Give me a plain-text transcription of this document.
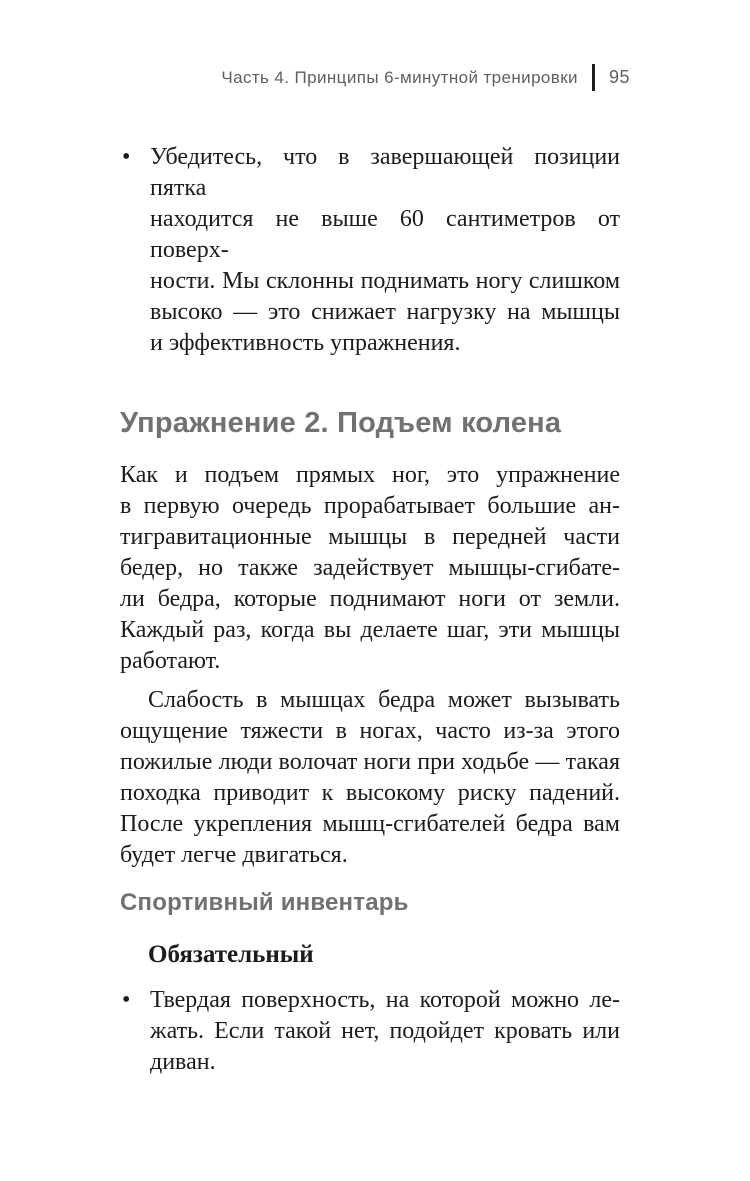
Часть 4. Принципы 6-минутной тренировки 95
• Убедитесь, что в завершающей позиции пятка
находится не выше 60 сантиметров от поверх-
ности. Мы склонны поднимать ногу слишком
высоко — это снижает нагрузку на мышцы
и эффективность упражнения.
Упражнение 2. Подъем колена
Как и подъем прямых ног, это упражнение
в первую очередь прорабатывает большие ан-
тигравитационные мышцы в передней части
бедер, но также задействует мышцы-сгибате-
ли бедра, которые поднимают ноги от земли.
Каждый раз, когда вы делаете шаг, эти мышцы
работают.
Слабость в мышцах бедра может вызывать
ощущение тяжести в ногах, часто из-за этого
пожилые люди волочат ноги при ходьбе — такая
походка приводит к высокому риску падений.
После укрепления мышц-сгибателей бедра вам
будет легче двигаться.
Спортивный инвентарь
Обязательный
• Твердая поверхность, на которой можно ле-
жать. Если такой нет, подойдет кровать или
диван.
